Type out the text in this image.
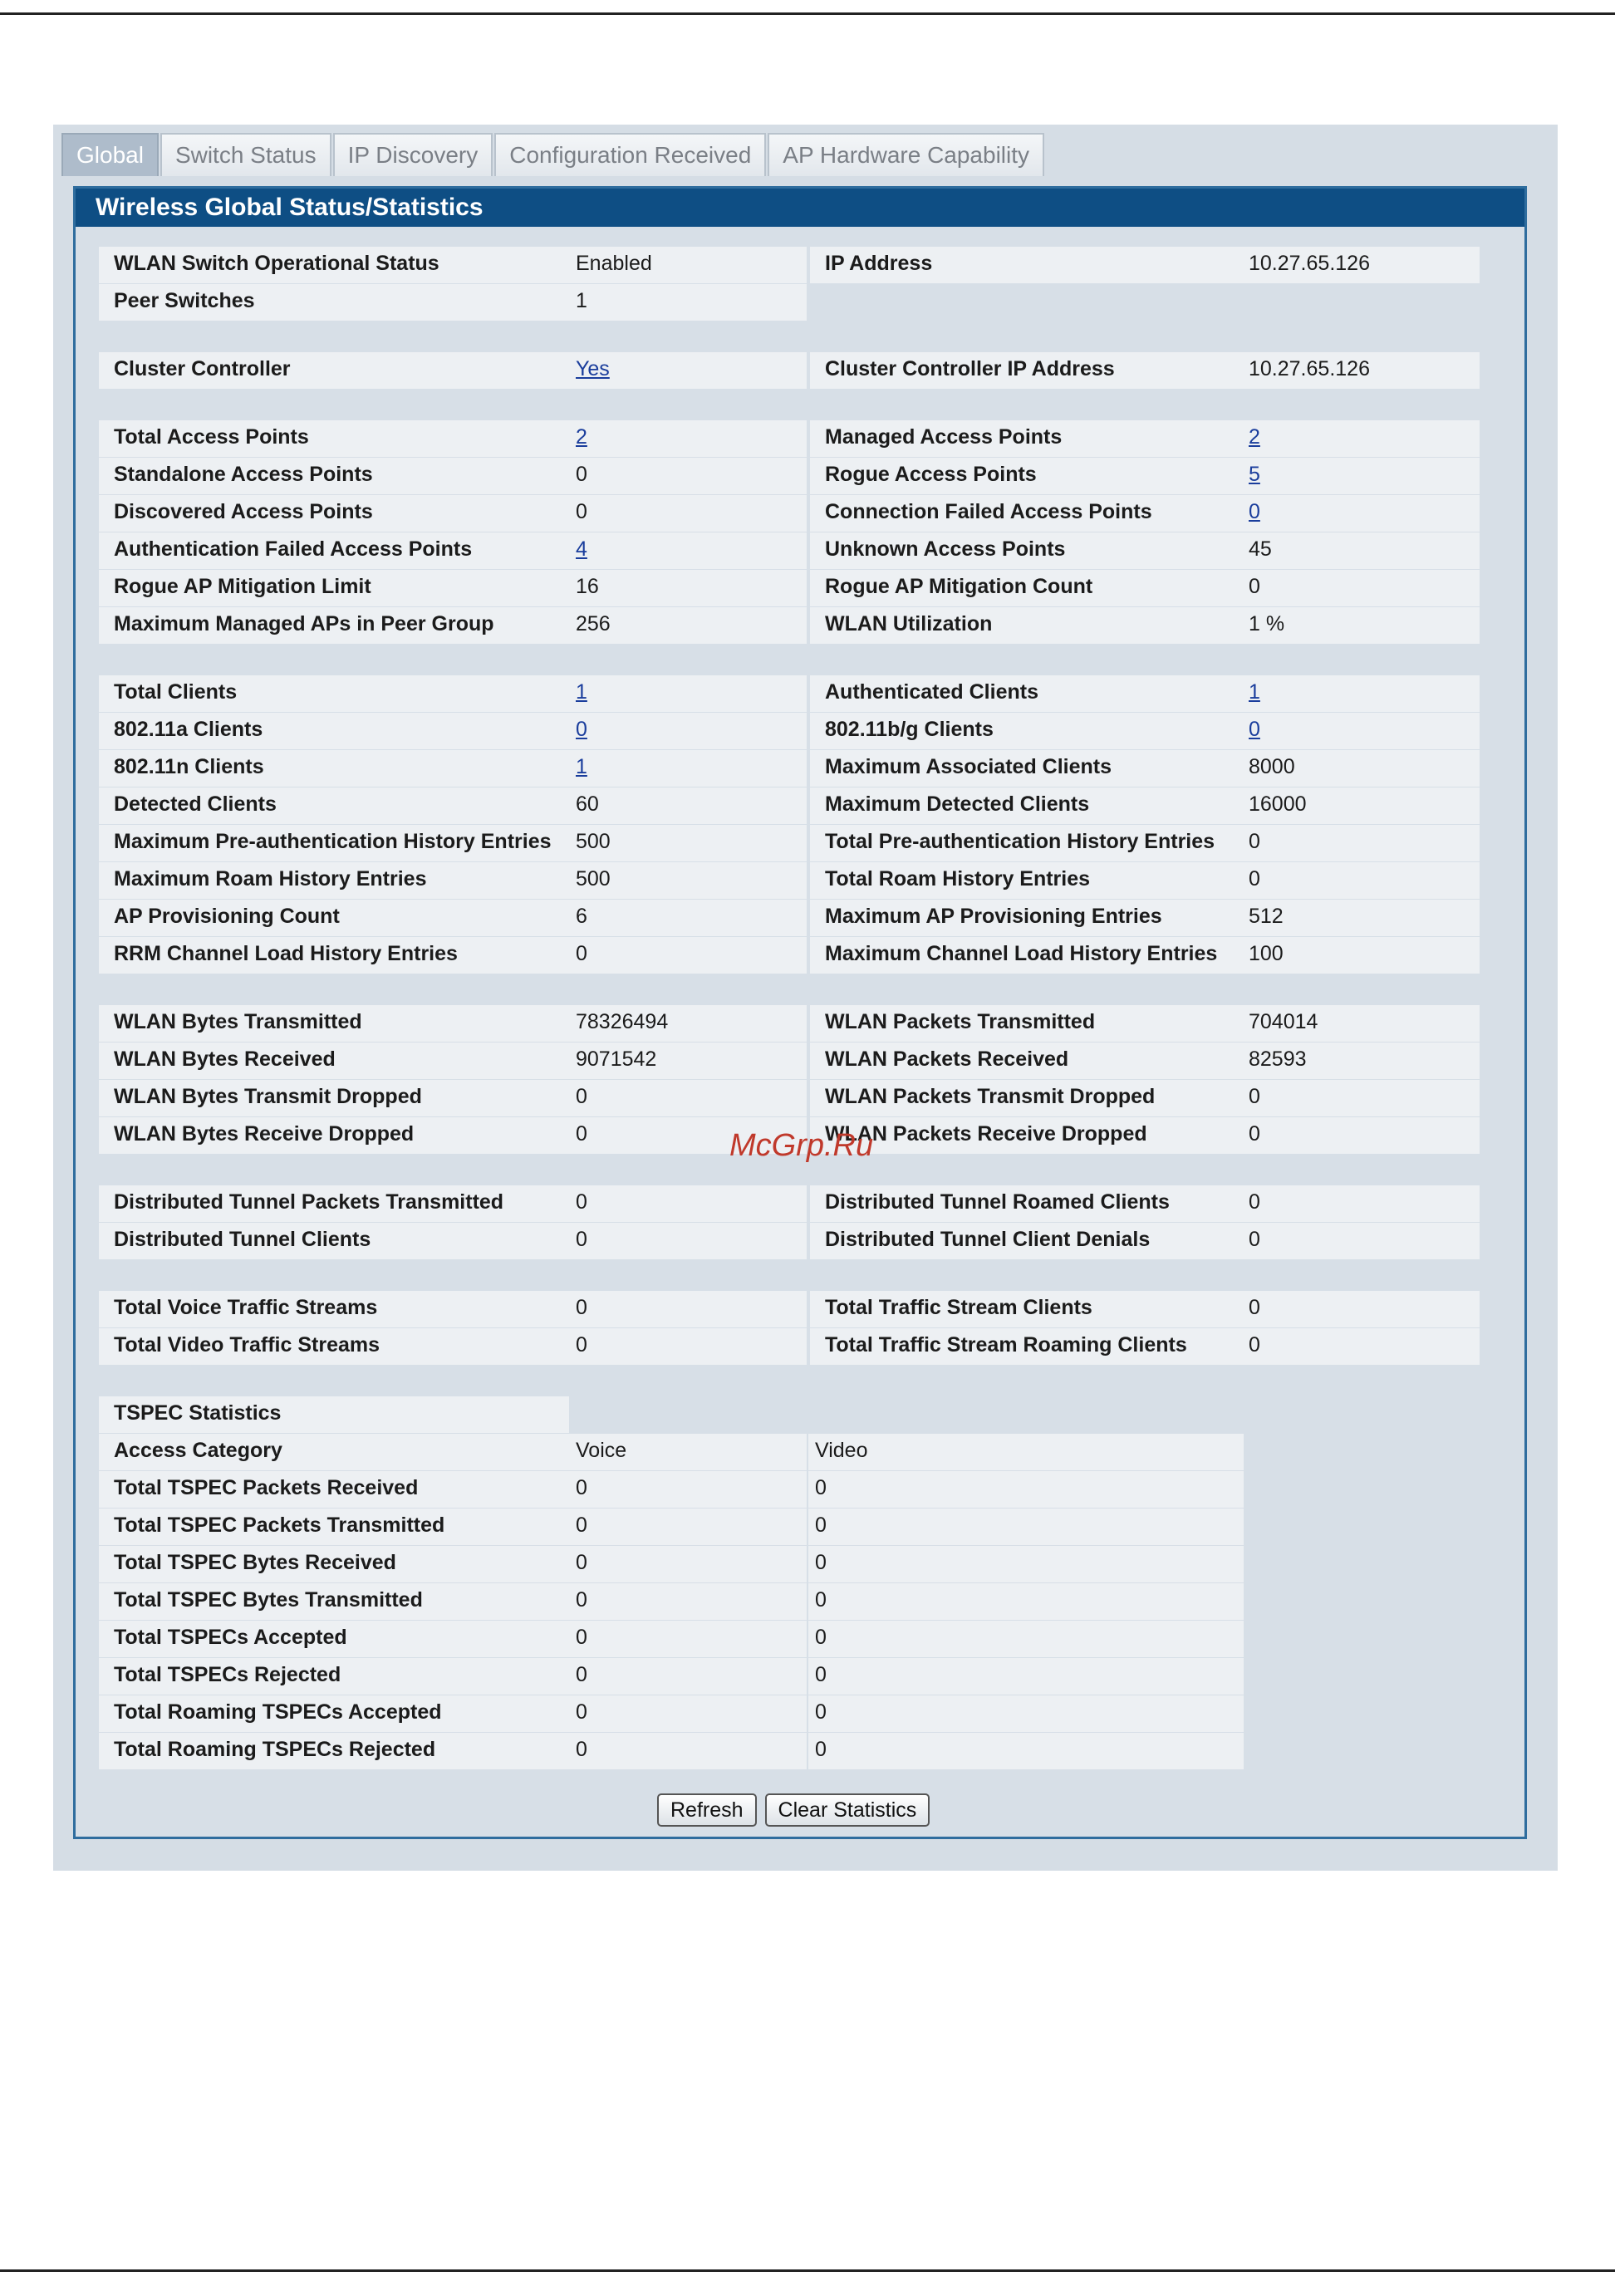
Global	Switch Status	IP Discovery	Configuration Received	AP Hardware Capability
Wireless Global Status/Statistics
WLAN Switch Operational Status	Enabled	IP Address	10.27.65.126
Peer Switches	1
Cluster Controller	Yes	Cluster Controller IP Address	10.27.65.126
Total Access Points	2	Managed Access Points	2
Standalone Access Points	0	Rogue Access Points	5
Discovered Access Points	0	Connection Failed Access Points	0
Authentication Failed Access Points	4	Unknown Access Points	45
Rogue AP Mitigation Limit	16	Rogue AP Mitigation Count	0
Maximum Managed APs in Peer Group	256	WLAN Utilization	1 %
Total Clients	1	Authenticated Clients	1
802.11a Clients	0	802.11b/g Clients	0
802.11n Clients	1	Maximum Associated Clients	8000
Detected Clients	60	Maximum Detected Clients	16000
Maximum Pre-authentication History Entries	500	Total Pre-authentication History Entries	0
Maximum Roam History Entries	500	Total Roam History Entries	0
AP Provisioning Count	6	Maximum AP Provisioning Entries	512
RRM Channel Load History Entries	0	Maximum Channel Load History Entries	100
WLAN Bytes Transmitted	78326494	WLAN Packets Transmitted	704014
WLAN Bytes Received	9071542	WLAN Packets Received	82593
WLAN Bytes Transmit Dropped	0	WLAN Packets Transmit Dropped	0
WLAN Bytes Receive Dropped	0	WLAN Packets Receive Dropped	0
Distributed Tunnel Packets Transmitted	0	Distributed Tunnel Roamed Clients	0
Distributed Tunnel Clients	0	Distributed Tunnel Client Denials	0
Total Voice Traffic Streams	0	Total Traffic Stream Clients	0
Total Video Traffic Streams	0	Total Traffic Stream Roaming Clients	0
TSPEC Statistics
Access Category	Voice	Video
Total TSPEC Packets Received	0	0
Total TSPEC Packets Transmitted	0	0
Total TSPEC Bytes Received	0	0
Total TSPEC Bytes Transmitted	0	0
Total TSPECs Accepted	0	0
Total TSPECs Rejected	0	0
Total Roaming TSPECs Accepted	0	0
Total Roaming TSPECs Rejected	0	0
Refresh	Clear Statistics
McGrp.Ru
